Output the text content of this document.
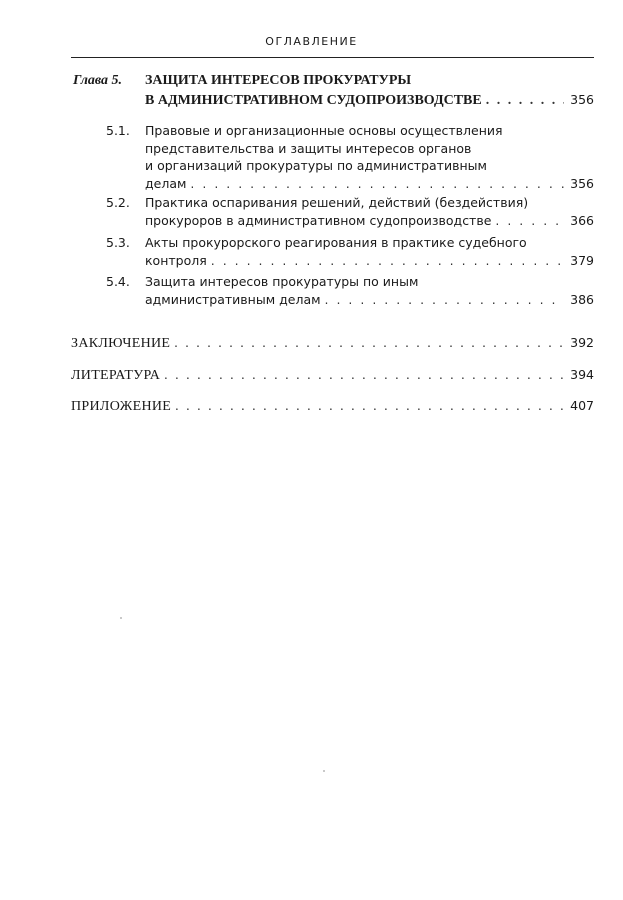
ОГЛАВЛЕНИЕ
Глава 5. ЗАЩИТА ИНТЕРЕСОВ ПРОКУРАТУРЫ
В АДМИНИСТРАТИВНОМ СУДОПРОИЗВОДСТВЕ . . .	356
5.1. Правовые и организационные основы осуществления
представительства и защиты интересов органов
и организаций прокуратуры по административным
делам . . .	356
5.2. Практика оспаривания решений, действий (бездействия)
прокуроров в административном судопроизводстве . . .	366
5.3. Акты прокурорского реагирования в практике судебного
контроля . . .	379
5.4. Защита интересов прокуратуры по иным
административным делам . . .	386
ЗАКЛЮЧЕНИЕ . . .	392
ЛИТЕРАТУРА . . .	394
ПРИЛОЖЕНИЕ . . .	407
